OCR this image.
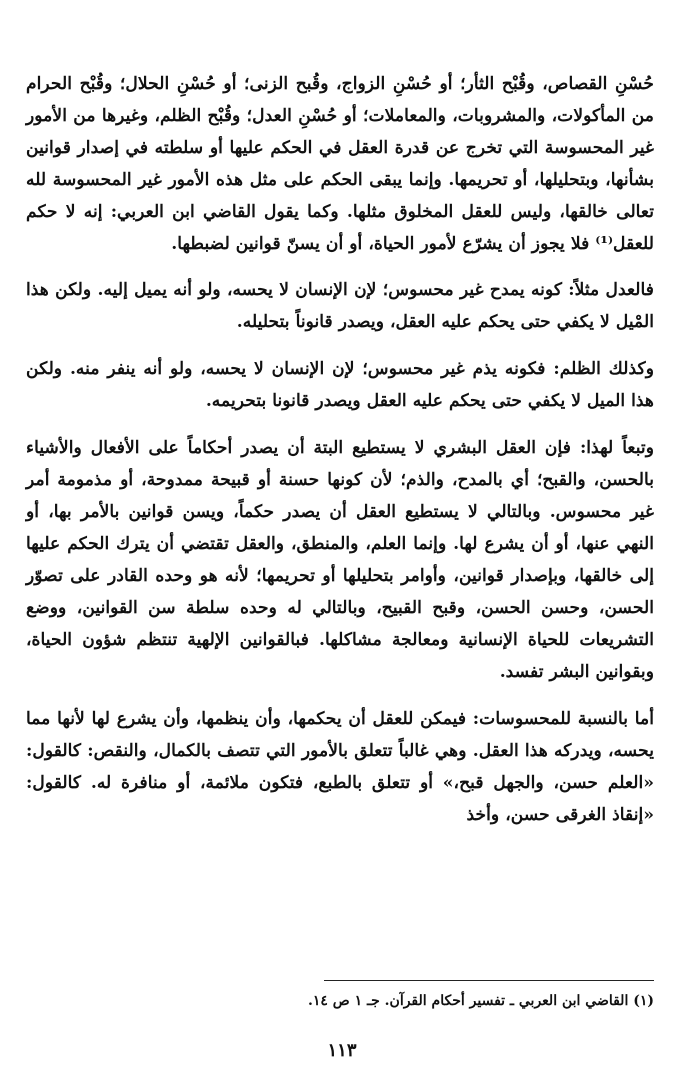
حُسْنِ القصاص، وقُبْح الثأر؛ أو حُسْنِ الزواج، وقُبح الزنى؛ أو حُسْنِ الحلال؛ وقُبْح الحرام من المأكولات، والمشروبات، والمعاملات؛ أو حُسْنِ العدل؛ وقُبْح الظلم، وغيرها من الأمور غير المحسوسة التي تخرج عن قدرة العقل في الحكم عليها أو سلطته في إصدار قوانين بشأنها، وبتحليلها، أو تحريمها. وإنما يبقى الحكم على مثل هذه الأمور غير المحسوسة لله تعالى خالقها، وليس للعقل المخلوق مثلها. وكما يقول القاضي ابن العربي: إنه لا حكم للعقل⁽¹⁾ فلا يجوز أن يشرّع لأمور الحياة، أو أن يسنّ قوانين لضبطها.

فالعدل مثلاً: كونه يمدح غير محسوس؛ لإن الإنسان لا يحسه، ولو أنه يميل إليه. ولكن هذا المْيل لا يكفي حتى يحكم عليه العقل، ويصدر قانوناً بتحليله.

وكذلك الظلم: فكونه يذم غير محسوس؛ لإن الإنسان لا يحسه، ولو أنه ينفر منه. ولكن هذا الميل لا يكفي حتى يحكم عليه العقل ويصدر قانونا بتحريمه.

وتبعاً لهذا: فإن العقل البشري لا يستطيع البتة أن يصدر أحكاماً على الأفعال والأشياء بالحسن، والقبح؛ أي بالمدح، والذم؛ لأن كونها حسنة أو قبيحة ممدوحة، أو مذمومة أمر غير محسوس. وبالتالي لا يستطيع العقل أن يصدر حكماً، ويسن قوانين بالأمر بها، أو النهي عنها، أو أن يشرع لها. وإنما العلم، والمنطق، والعقل تقتضي أن يترك الحكم عليها إلى خالقها، وبإصدار قوانين، وأوامر بتحليلها أو تحريمها؛ لأنه هو وحده القادر على تصوّر الحسن، وحسن الحسن، وقبح القبيح، وبالتالي له وحده سلطة سن القوانين، ووضع التشريعات للحياة الإنسانية ومعالجة مشاكلها. فبالقوانين الإلهية تنتظم شؤون الحياة، وبقوانين البشر تفسد.

أما بالنسبة للمحسوسات: فيمكن للعقل أن يحكمها، وأن ينظمها، وأن يشرع لها لأنها مما يحسه، ويدركه هذا العقل. وهي غالباً تتعلق بالأمور التي تتصف بالكمال، والنقص: كالقول: «العلم حسن، والجهل قبح،» أو تتعلق بالطبع، فتكون ملائمة، أو منافرة له. كالقول: «إنقاذ الغرقى حسن، وأخذ

(١) القاضي ابن العربي ـ تفسير أحكام القرآن. جـ ١ ص ١٤.

١١٣
